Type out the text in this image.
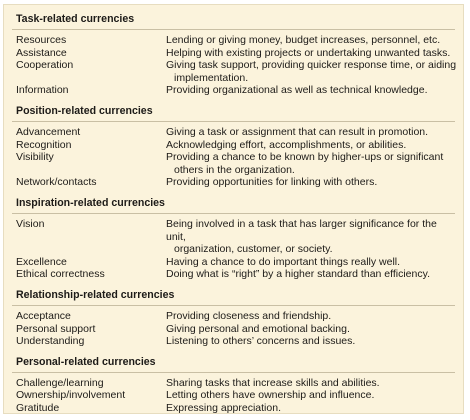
Task-related currencies
Resources	Lending or giving money, budget increases, personnel, etc.
Assistance	Helping with existing projects or undertaking unwanted tasks.
Cooperation	Giving task support, providing quicker response time, or aiding
implementation.
Information	Providing organizational as well as technical knowledge.
Position-related currencies
Advancement	Giving a task or assignment that can result in promotion.
Recognition	Acknowledging effort, accomplishments, or abilities.
Visibility	Providing a chance to be known by higher-ups or significant
others in the organization.
Network/contacts	Providing opportunities for linking with others.
Inspiration-related currencies
Vision	Being involved in a task that has larger significance for the unit,
organization, customer, or society.
Excellence	Having a chance to do important things really well.
Ethical correctness	Doing what is “right” by a higher standard than efficiency.
Relationship-related currencies
Acceptance	Providing closeness and friendship.
Personal support	Giving personal and emotional backing.
Understanding	Listening to others’ concerns and issues.
Personal-related currencies
Challenge/learning	Sharing tasks that increase skills and abilities.
Ownership/involvement	Letting others have ownership and influence.
Gratitude	Expressing appreciation.
